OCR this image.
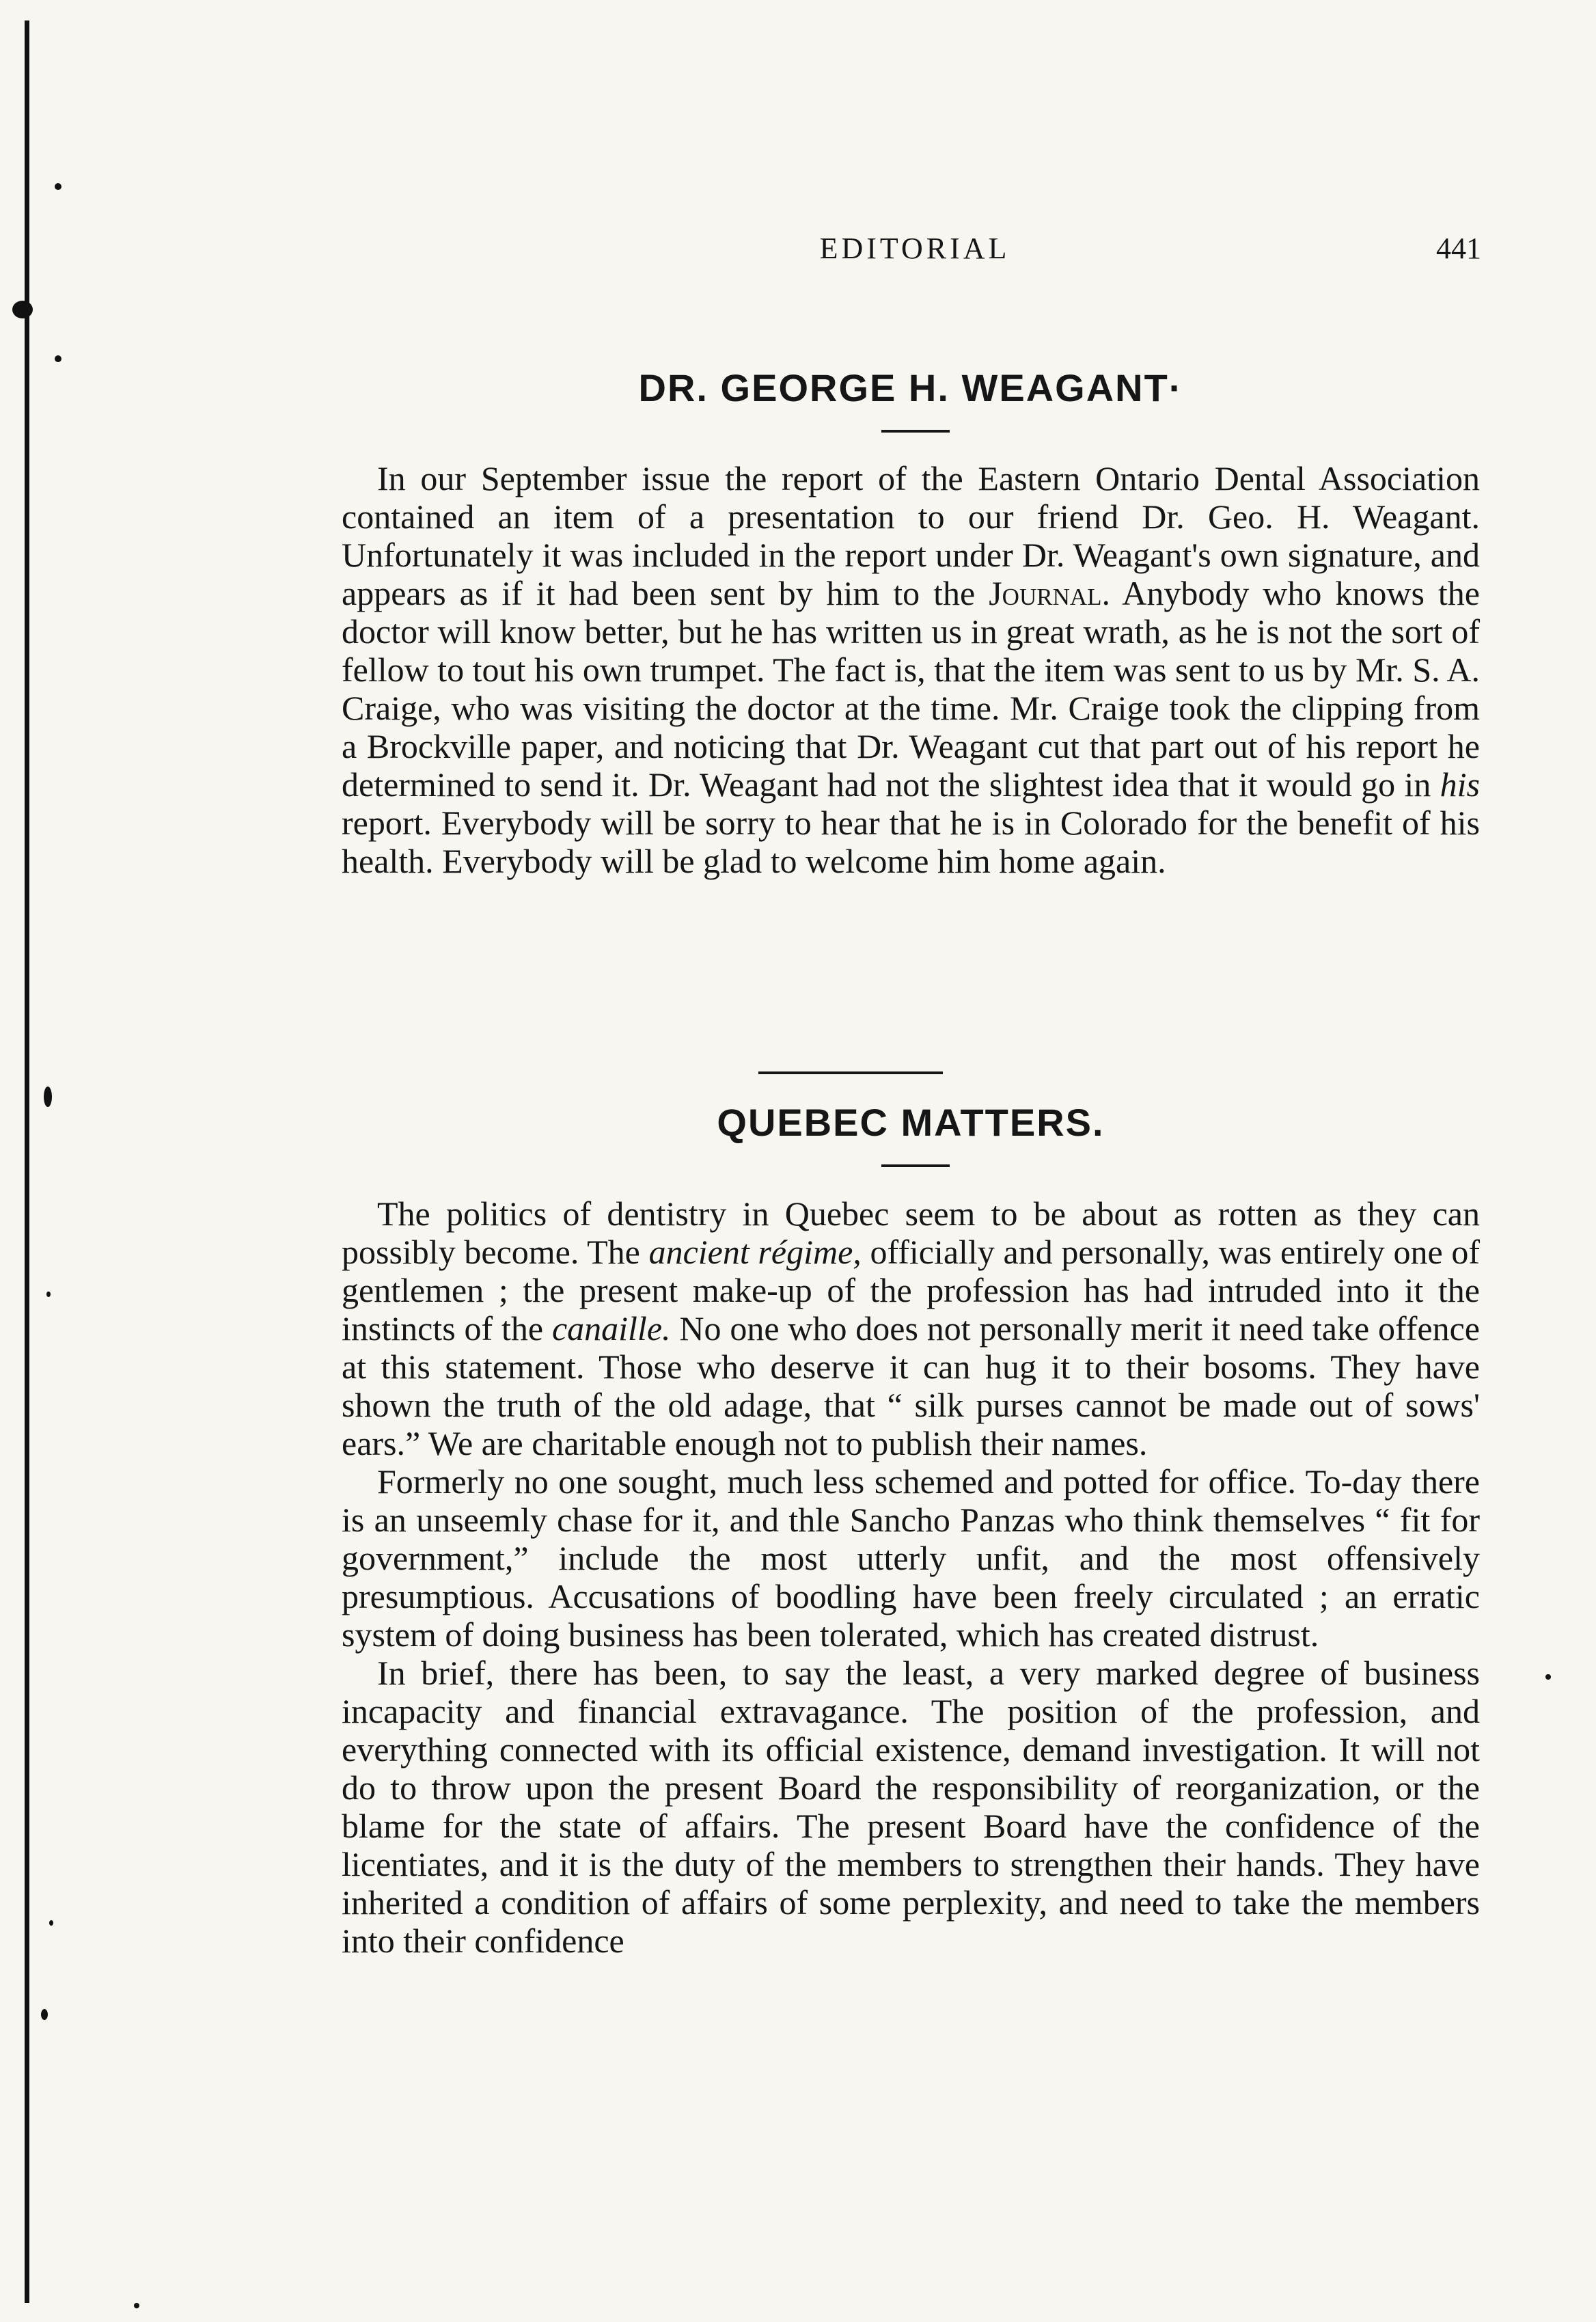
EDITORIAL	441
DR. GEORGE H. WEAGANT·

In our September issue the report of the Eastern Ontario Dental Association contained an item of a presentation to our friend Dr. Geo. H. Weagant. Unfortunately it was included in the report under Dr. Weagant's own signature, and appears as if it had been sent by him to the Journal. Anybody who knows the doctor will know better, but he has written us in great wrath, as he is not the sort of fellow to tout his own trumpet. The fact is, that the item was sent to us by Mr. S. A. Craige, who was visiting the doctor at the time. Mr. Craige took the clipping from a Brockville paper, and noticing that Dr. Weagant cut that part out of his report he determined to send it. Dr. Weagant had not the slightest idea that it would go in his report. Everybody will be sorry to hear that he is in Colorado for the benefit of his health. Everybody will be glad to welcome him home again.

QUEBEC MATTERS.

The politics of dentistry in Quebec seem to be about as rotten as they can possibly become. The ancient régime, officially and personally, was entirely one of gentlemen ; the present make-up of the profession has had intruded into it the instincts of the canaille. No one who does not personally merit it need take offence at this statement. Those who deserve it can hug it to their bosoms. They have shown the truth of the old adage, that “ silk purses cannot be made out of sows' ears.” We are charitable enough not to publish their names.

Formerly no one sought, much less schemed and potted for office. To-day there is an unseemly chase for it, and thle Sancho Panzas who think themselves “ fit for government,” include the most utterly unfit, and the most offensively presumptious. Accusations of boodling have been freely circulated ; an erratic system of doing business has been tolerated, which has created distrust.

In brief, there has been, to say the least, a very marked degree of business incapacity and financial extravagance. The position of the profession, and everything connected with its official existence, demand investigation. It will not do to throw upon the present Board the responsibility of reorganization, or the blame for the state of affairs. The present Board have the confidence of the licentiates, and it is the duty of the members to strengthen their hands. They have inherited a condition of affairs of some perplexity, and need to take the members into their confidence
